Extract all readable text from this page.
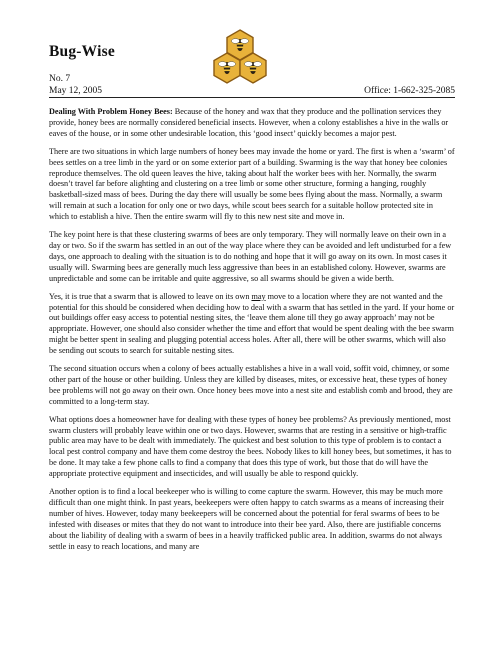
Bug-Wise
No. 7
May 12, 2005	Office: 1-662-325-2085

Dealing With Problem Honey Bees: Because of the honey and wax that they produce and the pollination services they provide, honey bees are normally considered beneficial insects. However, when a colony establishes a hive in the walls or eaves of the house, or in some other undesirable location, this ‘good insect’ quickly becomes a major pest.

There are two situations in which large numbers of honey bees may invade the home or yard. The first is when a ‘swarm’ of bees settles on a tree limb in the yard or on some exterior part of a building. Swarming is the way that honey bee colonies reproduce themselves. The old queen leaves the hive, taking about half the worker bees with her. Normally, the swarm doesn’t travel far before alighting and clustering on a tree limb or some other structure, forming a hanging, roughly basketball-sized mass of bees. During the day there will usually be some bees flying about the mass. Normally, a swarm will remain at such a location for only one or two days, while scout bees search for a suitable hollow protected site in which to establish a hive. Then the entire swarm will fly to this new nest site and move in.

The key point here is that these clustering swarms of bees are only temporary. They will normally leave on their own in a day or two. So if the swarm has settled in an out of the way place where they can be avoided and left undisturbed for a few days, one approach to dealing with the situation is to do nothing and hope that it will go away on its own. In most cases it usually will. Swarming bees are generally much less aggressive than bees in an established colony. However, swarms are unpredictable and some can be irritable and quite aggressive, so all swarms should be given a wide berth.

Yes, it is true that a swarm that is allowed to leave on its own may move to a location where they are not wanted and the potential for this should be considered when deciding how to deal with a swarm that has settled in the yard. If your home or out buildings offer easy access to potential nesting sites, the ‘leave them alone till they go away approach’ may not be appropriate. However, one should also consider whether the time and effort that would be spent dealing with the bee swarm might be better spent in sealing and plugging potential access holes. After all, there will be other swarms, which will also be sending out scouts to search for suitable nesting sites.

The second situation occurs when a colony of bees actually establishes a hive in a wall void, soffit void, chimney, or some other part of the house or other building. Unless they are killed by diseases, mites, or excessive heat, these types of honey bee problems will not go away on their own. Once honey bees move into a nest site and establish comb and brood, they are committed to a long-term stay.

What options does a homeowner have for dealing with these types of honey bee problems? As previously mentioned, most swarm clusters will probably leave within one or two days. However, swarms that are resting in a sensitive or high-traffic public area may have to be dealt with immediately. The quickest and best solution to this type of problem is to contact a local pest control company and have them come destroy the bees. Nobody likes to kill honey bees, but sometimes, it has to be done. It may take a few phone calls to find a company that does this type of work, but those that do will have the appropriate protective equipment and insecticides, and will usually be able to respond quickly.

Another option is to find a local beekeeper who is willing to come capture the swarm. However, this may be much more difficult than one might think. In past years, beekeepers were often happy to catch swarms as a means of increasing their number of hives. However, today many beekeepers will be concerned about the potential for feral swarms of bees to be infested with diseases or mites that they do not want to introduce into their bee yard. Also, there are justifiable concerns about the liability of dealing with a swarm of bees in a heavily trafficked public area. In addition, swarms do not always settle in easy to reach locations, and many are
